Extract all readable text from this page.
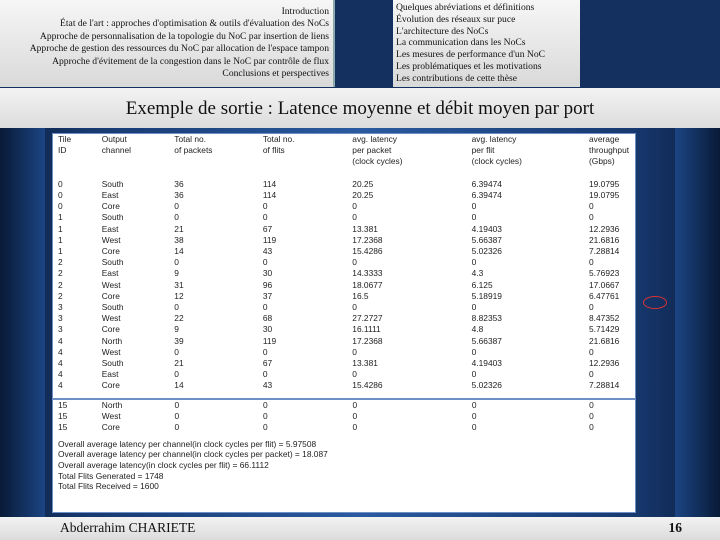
Introduction
État de l'art : approches d'optimisation & outils d'évaluation des NoCs
Approche de personnalisation de la topologie du NoC par insertion de liens
Approche de gestion des ressources du NoC par allocation de l'espace tampon
Approche d'évitement de la congestion dans le NoC par contrôle de flux
Conclusions et perspectives
Quelques abréviations et définitions
Évolution des réseaux sur puce
L'architecture des NoCs
La communication dans les NoCs
Les mesures de performance d'un NoC
Les problématiques et les motivations
Les contributions de cette thèse
Exemple de sortie : Latence moyenne et débit moyen par port
Tile	Output	Total no.	Total no.	avg. latency	avg. latency	average
ID	channel	of packets	of flits	per packet	per flit	throughput
				(clock cycles)	(clock cycles)	(Gbps)

0	South	36	114	20.25	6.39474	19.0795
0	East	36	114	20.25	6.39474	19.0795
0	Core	0	0	0	0	0
1	South	0	0	0	0	0
1	East	21	67	13.381	4.19403	12.2936
1	West	38	119	17.2368	5.66387	21.6816
1	Core	14	43	15.4286	5.02326	7.28814
2	South	0	0	0	0	0
2	East	9	30	14.3333	4.3	5.76923
2	West	31	96	18.0677	6.125	17.0667
2	Core	12	37	16.5	5.18919	6.47761
3	South	0	0	0	0	0
3	West	22	68	27.2727	8.82353	8.47352
3	Core	9	30	16.1111	4.8	5.71429
4	North	39	119	17.2368	5.66387	21.6816
4	West	0	0	0	0	0
4	South	21	67	13.381	4.19403	12.2936
4	East	0	0	0	0	0
4	Core	14	43	15.4286	5.02326	7.28814
15	North	0	0	0	0	0
15	West	0	0	0	0	0
15	Core	0	0	0	0	0
Overall average latency per channel(in clock cycles per flit) = 5.97508
Overall average latency per channel(in clock cycles per packet) = 18.087
Overall average latency(in clock cycles per flit) = 66.1112
Total Flits Generated = 1748
Total Flits Received = 1600
Abderrahim CHARIETE	16
